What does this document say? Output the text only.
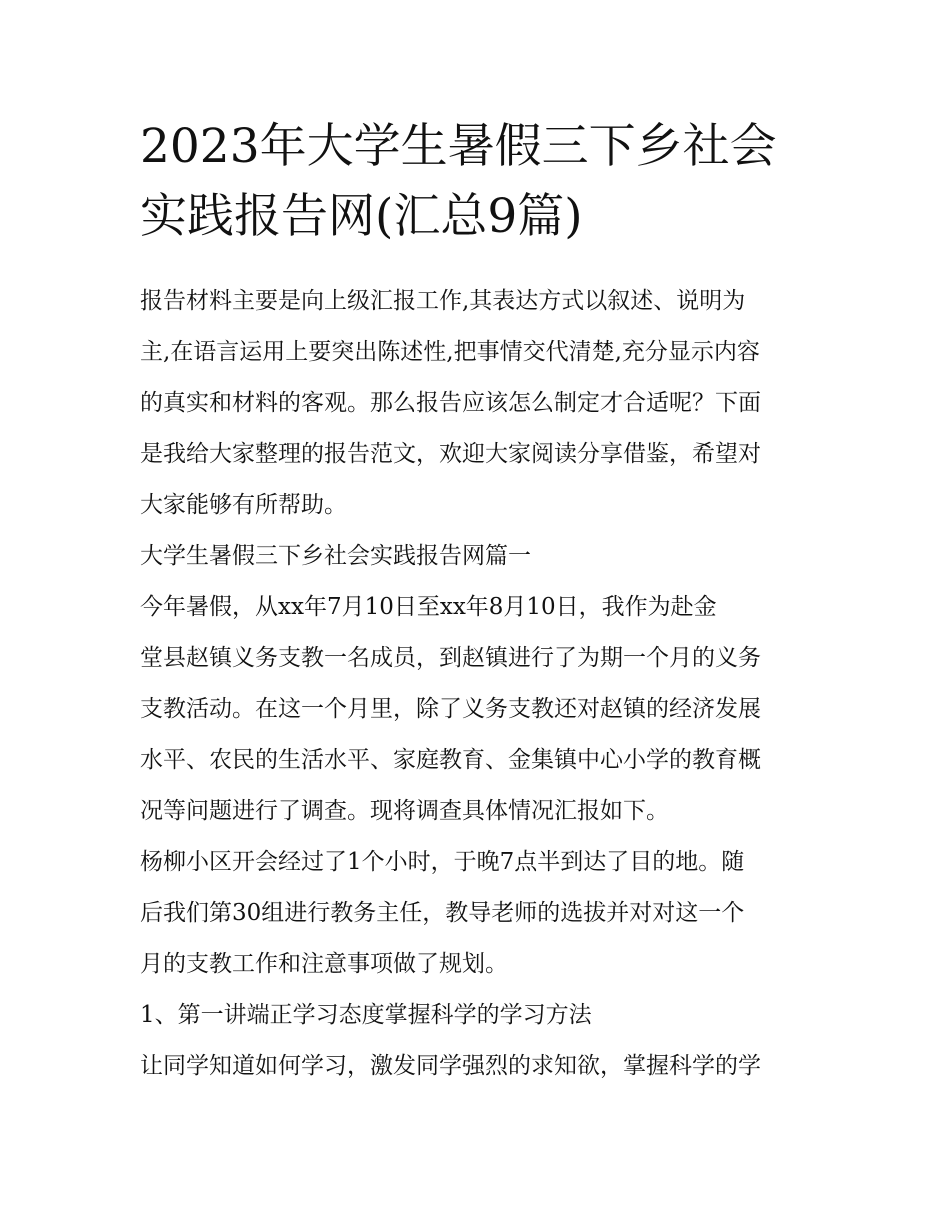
2023年大学生暑假三下乡社会
实践报告网(汇总9篇)
报告材料主要是向上级汇报工作,其表达方式以叙述、说明为
主,在语言运用上要突出陈述性,把事情交代清楚,充分显示内容
的真实和材料的客观。那么报告应该怎么制定才合适呢？下面
是我给大家整理的报告范文，欢迎大家阅读分享借鉴，希望对
大家能够有所帮助。
大学生暑假三下乡社会实践报告网篇一
今年暑假，从xx年7月10日至xx年8月10日，我作为赴金
堂县赵镇义务支教一名成员，到赵镇进行了为期一个月的义务
支教活动。在这一个月里，除了义务支教还对赵镇的经济发展
水平、农民的生活水平、家庭教育、金集镇中心小学的教育概
况等问题进行了调查。现将调查具体情况汇报如下。
杨柳小区开会经过了1个小时，于晚7点半到达了目的地。随
后我们第30组进行教务主任，教导老师的选拔并对对这一个
月的支教工作和注意事项做了规划。
1、第一讲端正学习态度掌握科学的学习方法
让同学知道如何学习，激发同学强烈的求知欲，掌握科学的学
